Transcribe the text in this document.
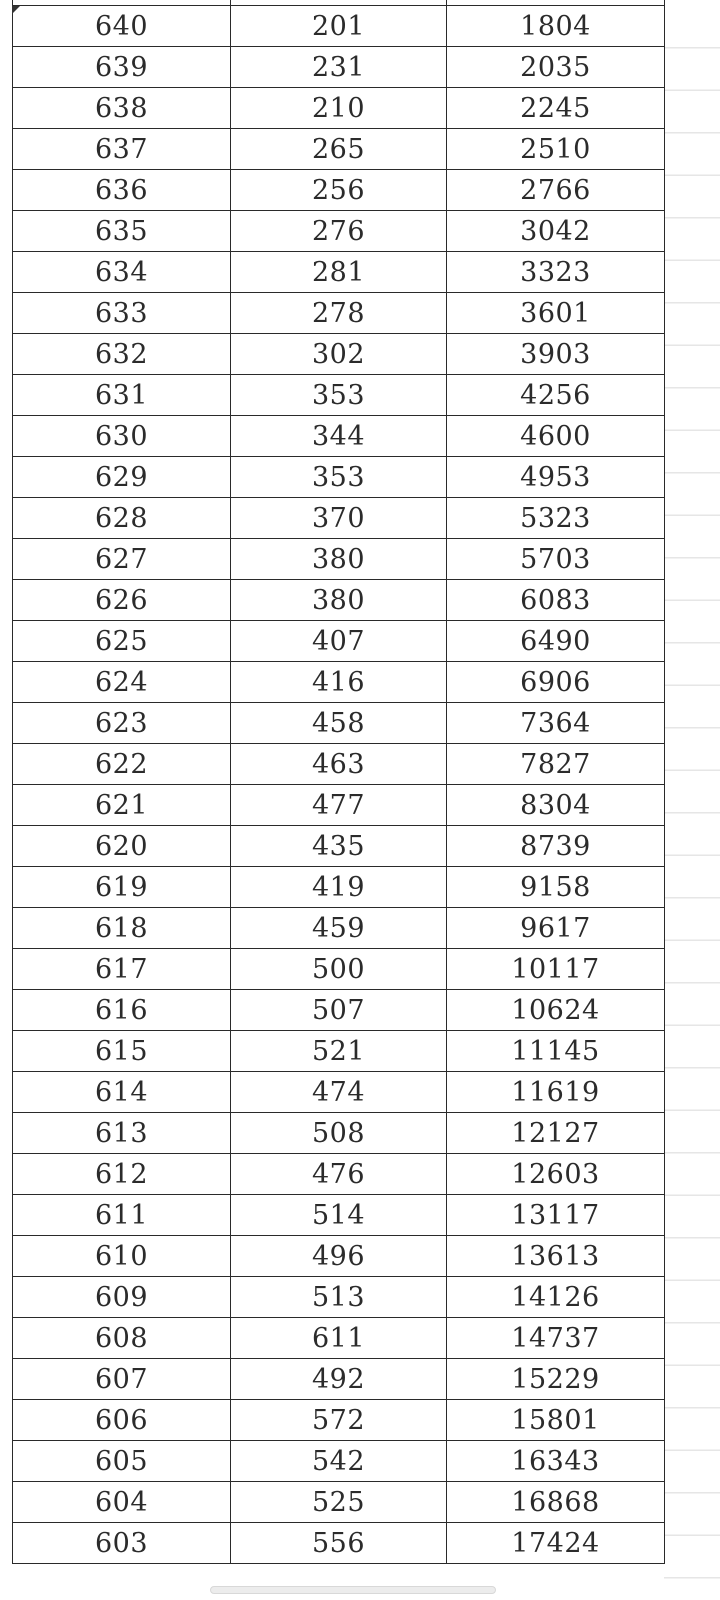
640	201	1804
639	231	2035
638	210	2245
637	265	2510
636	256	2766
635	276	3042
634	281	3323
633	278	3601
632	302	3903
631	353	4256
630	344	4600
629	353	4953
628	370	5323
627	380	5703
626	380	6083
625	407	6490
624	416	6906
623	458	7364
622	463	7827
621	477	8304
620	435	8739
619	419	9158
618	459	9617
617	500	10117
616	507	10624
615	521	11145
614	474	11619
613	508	12127
612	476	12603
611	514	13117
610	496	13613
609	513	14126
608	611	14737
607	492	15229
606	572	15801
605	542	16343
604	525	16868
603	556	17424
